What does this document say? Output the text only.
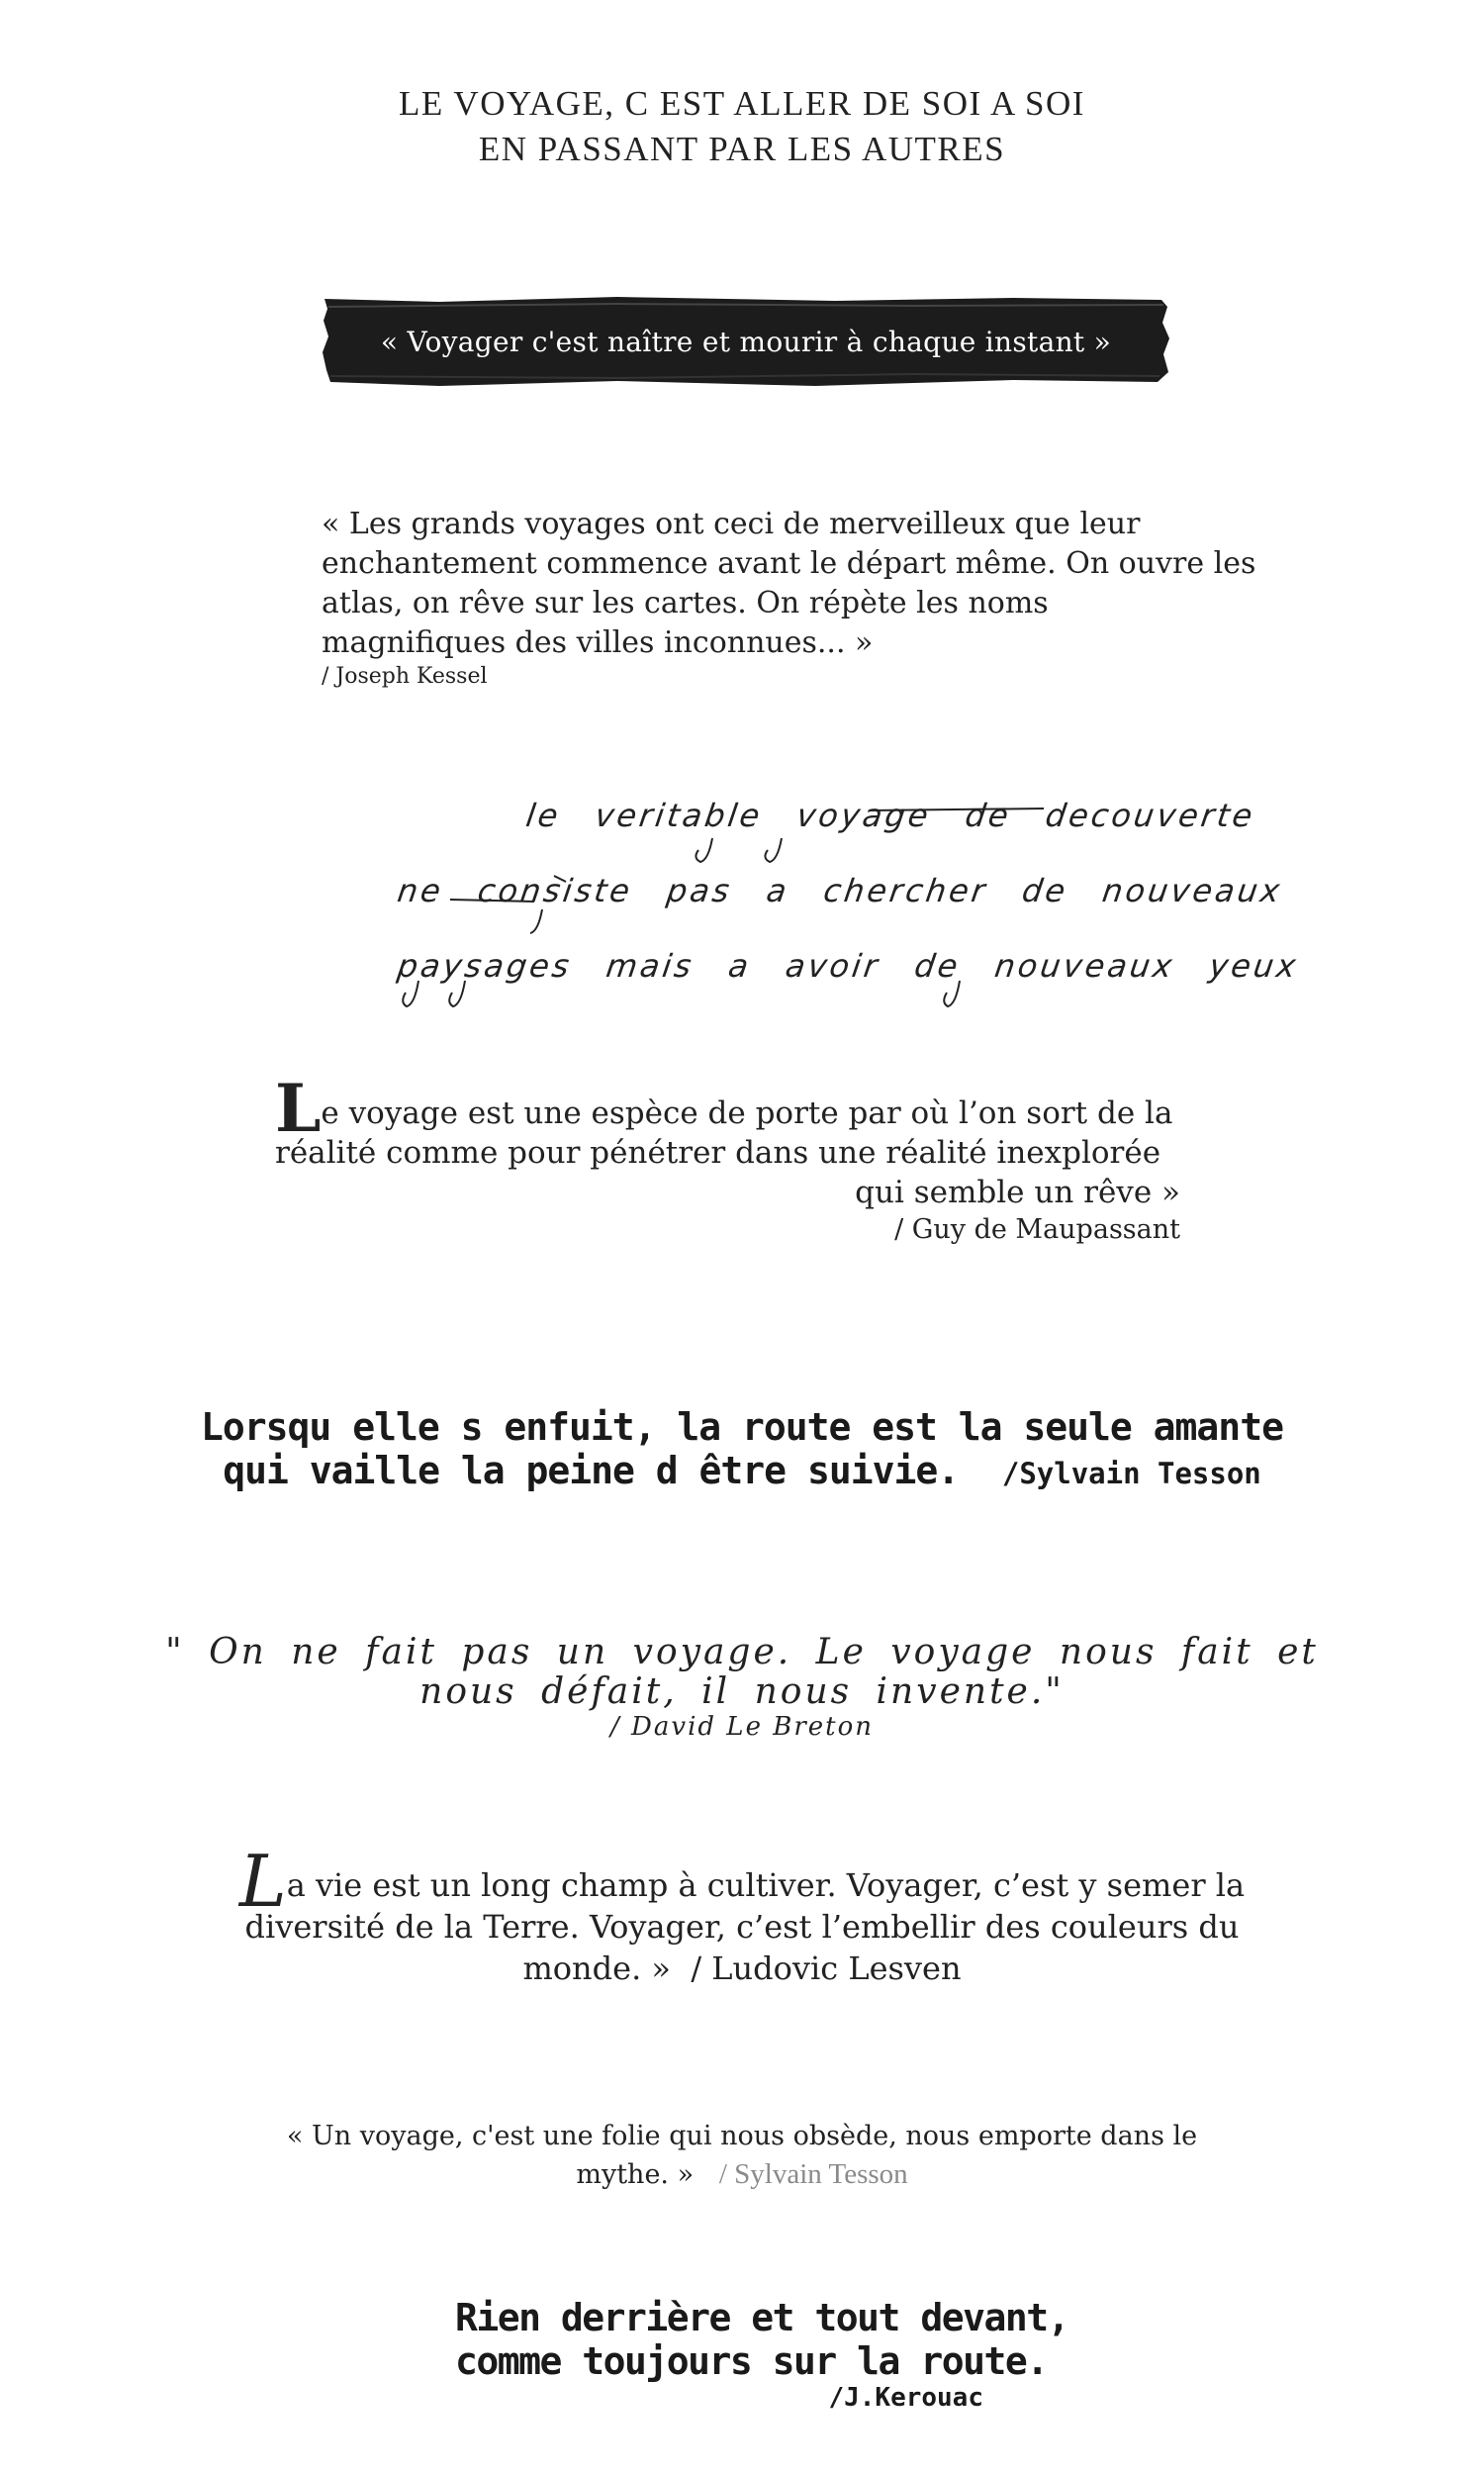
LE VOYAGE, C EST ALLER DE SOI A SOI
EN PASSANT PAR LES AUTRES
« Voyager c'est naître et mourir à chaque instant »
« Les grands voyages ont ceci de merveilleux que leur
enchantement commence avant le départ même. On ouvre les
atlas, on rêve sur les cartes. On répète les noms
magnifiques des villes inconnues... »
/ Joseph Kessel
le veritable voyage de decouverte
ne consiste pas a chercher de nouveaux
paysages mais a avoir de nouveaux yeux
Le voyage est une espèce de porte par où l’on sort de la
réalité comme pour pénétrer dans une réalité inexplorée
qui semble un rêve »
/ Guy de Maupassant
Lorsqu elle s enfuit, la route est la seule amante
qui vaille la peine d être suivie. /Sylvain Tesson
" On ne fait pas un voyage. Le voyage nous fait et
nous défait, il nous invente."
/ David Le Breton
La vie est un long champ à cultiver. Voyager, c’est y semer la
diversité de la Terre. Voyager, c’est l’embellir des couleurs du
monde. » / Ludovic Lesven
« Un voyage, c'est une folie qui nous obsède, nous emporte dans le
mythe. » / Sylvain Tesson
Rien derrière et tout devant,
comme toujours sur la route.
/J.Kerouac
